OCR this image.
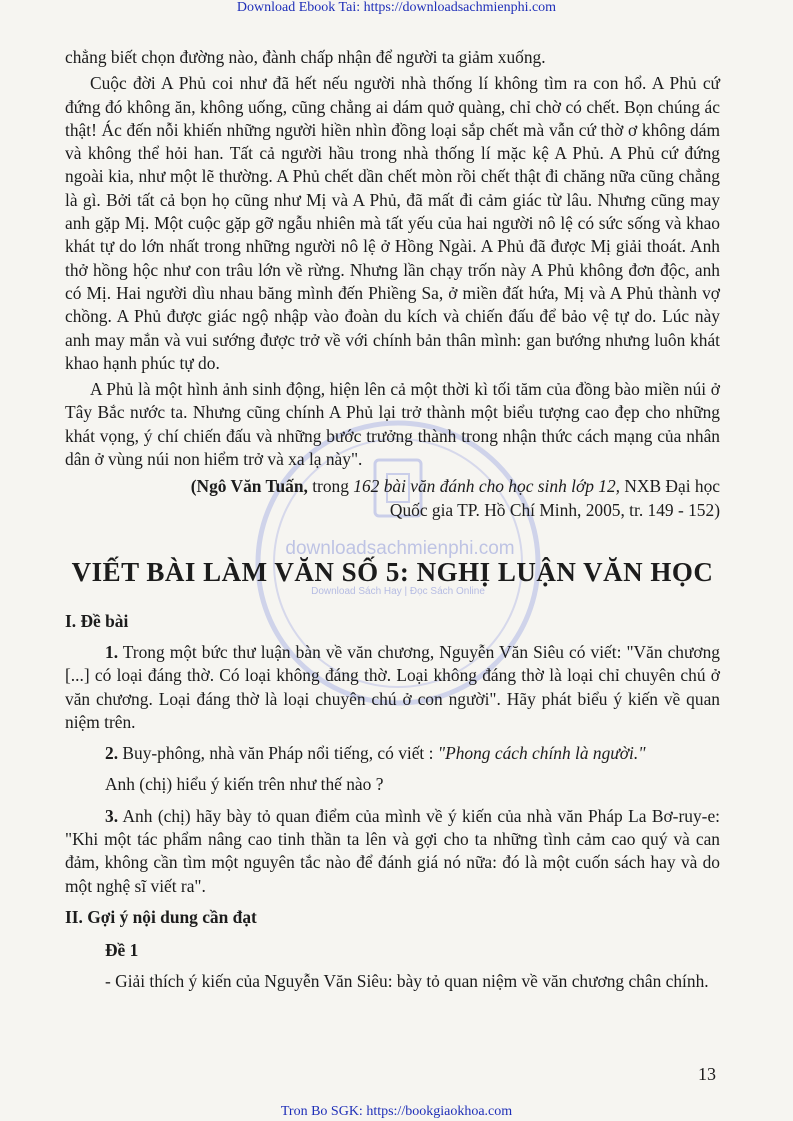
Download Ebook Tai: https://downloadsachmienphi.com
downloadsachmienphi.com
Download Sách Hay | Đọc Sách Online

chẳng biết chọn đường nào, đành chấp nhận để người ta giảm xuống.

Cuộc đời A Phủ coi như đã hết nếu người nhà thống lí không tìm ra con hổ. A Phủ cứ đứng đó không ăn, không uống, cũng chẳng ai dám quở quàng, chỉ chờ có chết. Bọn chúng ác thật! Ác đến nỗi khiến những người hiền nhìn đồng loại sắp chết mà vẫn cứ thờ ơ không dám và không thể hỏi han. Tất cả người hầu trong nhà thống lí mặc kệ A Phủ. A Phủ cứ đứng ngoài kia, như một lẽ thường. A Phủ chết dần chết mòn rồi chết thật đi chăng nữa cũng chẳng là gì. Bởi tất cả bọn họ cũng như Mị và A Phủ, đã mất đi cảm giác từ lâu. Nhưng cũng may anh gặp Mị. Một cuộc gặp gỡ ngẫu nhiên mà tất yếu của hai người nô lệ có sức sống và khao khát tự do lớn nhất trong những người nô lệ ở Hồng Ngài. A Phủ đã được Mị giải thoát. Anh thở hồng hộc như con trâu lớn về rừng. Nhưng lần chạy trốn này A Phủ không đơn độc, anh có Mị. Hai người dìu nhau băng mình đến Phiềng Sa, ở miền đất hứa, Mị và A Phủ thành vợ chồng. A Phủ được giác ngộ nhập vào đoàn du kích và chiến đấu để bảo vệ tự do. Lúc này anh may mắn và vui sướng được trở về với chính bản thân mình: gan bướng nhưng luôn khát khao hạnh phúc tự do.

A Phủ là một hình ảnh sinh động, hiện lên cả một thời kì tối tăm của đồng bào miền núi ở Tây Bắc nước ta. Nhưng cũng chính A Phủ lại trở thành một biểu tượng cao đẹp cho những khát vọng, ý chí chiến đấu và những bước trưởng thành trong nhận thức cách mạng của nhân dân ở vùng núi non hiểm trở và xa lạ này".

(Ngô Văn Tuấn, trong 162 bài văn đánh cho học sinh lớp 12, NXB Đại học
Quốc gia TP. Hồ Chí Minh, 2005, tr. 149 - 152)
VIẾT BÀI LÀM VĂN SỐ 5: NGHỊ LUẬN VĂN HỌC
I. Đề bài

1. Trong một bức thư luận bàn về văn chương, Nguyễn Văn Siêu có viết: "Văn chương [...] có loại đáng thờ. Có loại không đáng thờ. Loại không đáng thờ là loại chỉ chuyên chú ở văn chương. Loại đáng thờ là loại chuyên chú ở con người". Hãy phát biểu ý kiến về quan niệm trên.

2. Buy-phông, nhà văn Pháp nổi tiếng, có viết : "Phong cách chính là người."

Anh (chị) hiểu ý kiến trên như thế nào ?

3. Anh (chị) hãy bày tỏ quan điểm của mình về ý kiến của nhà văn Pháp La Bơ-ruy-e: "Khi một tác phẩm nâng cao tinh thần ta lên và gợi cho ta những tình cảm cao quý và can đảm, không cần tìm một nguyên tắc nào để đánh giá nó nữa: đó là một cuốn sách hay và do một nghệ sĩ viết ra".

II. Gợi ý nội dung cần đạt
Đề 1

- Giải thích ý kiến của Nguyễn Văn Siêu: bày tỏ quan niệm về văn chương chân chính.

13
Tron Bo SGK: https://bookgiaokhoa.com
